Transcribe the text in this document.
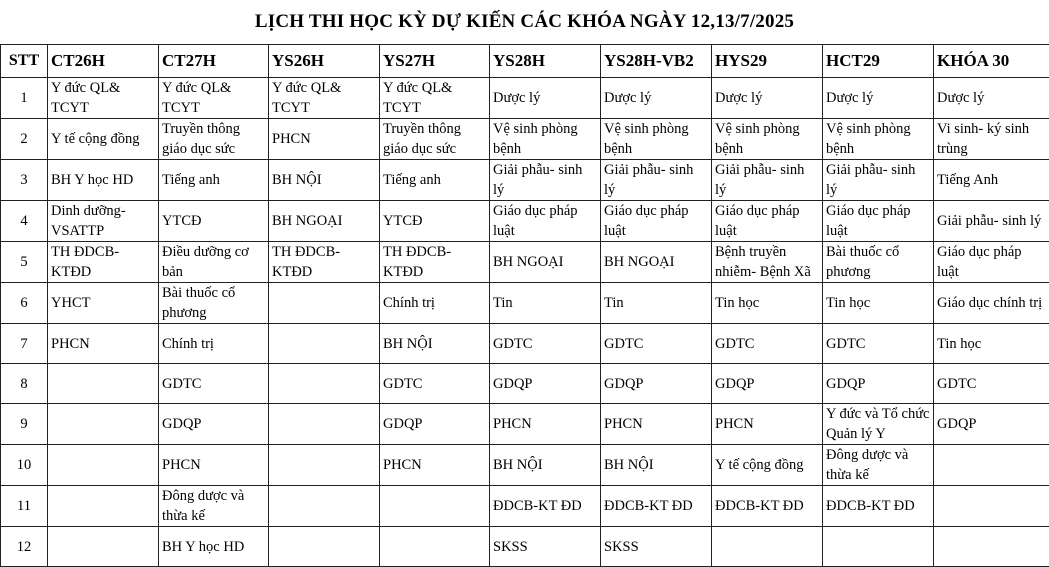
LỊCH THI HỌC KỲ DỰ KIẾN CÁC KHÓA NGÀY 12,13/7/2025
STT	CT26H	CT27H	YS26H	YS27H	YS28H	YS28H-VB2	HYS29	HCT29	KHÓA 30
1	Y đức QL& TCYT	Y đức QL& TCYT	Y đức QL& TCYT	Y đức QL& TCYT	Dược lý	Dược lý	Dược lý	Dược lý	Dược lý
2	Y tế cộng đồng	Truyền thông giáo dục sức	PHCN	Truyền thông giáo dục sức	Vệ sinh phòng bệnh	Vệ sinh phòng bệnh	Vệ sinh phòng bệnh	Vệ sinh phòng bệnh	Vi sinh- ký sinh trùng
3	BH Y học HD	Tiếng anh	BH NỘI	Tiếng anh	Giải phẫu- sinh lý	Giải phẫu- sinh lý	Giải phẫu- sinh lý	Giải phẫu- sinh lý	Tiếng Anh
4	Dinh dưỡng-VSATTP	YTCĐ	BH NGOẠI	YTCĐ	Giáo dục pháp luật	Giáo dục pháp luật	Giáo dục pháp luật	Giáo dục pháp luật	Giải phẫu- sinh lý
5	TH ĐDCB-KTĐD	Điều dưỡng cơ bản	TH ĐDCB-KTĐD	TH ĐDCB-KTĐD	BH NGOẠI	BH NGOẠI	Bệnh truyền nhiễm- Bệnh Xã	Bài thuốc cổ phương	Giáo dục pháp luật
6	YHCT	Bài thuốc cổ phương		Chính trị	Tin	Tin	Tin học	Tin học	Giáo dục chính trị
7	PHCN	Chính trị		BH NỘI	GDTC	GDTC	GDTC	GDTC	Tin học
8		GDTC		GDTC	GDQP	GDQP	GDQP	GDQP	GDTC
9		GDQP		GDQP	PHCN	PHCN	PHCN	Y đức và Tổ chức Quản lý Y	GDQP
10		PHCN		PHCN	BH NỘI	BH NỘI	Y tế cộng đồng	Đông dược và thừa kế	
11		Đông dược và thừa kế			ĐDCB-KT ĐD	ĐDCB-KT ĐD	ĐDCB-KT ĐD	ĐDCB-KT ĐD	
12		BH Y học HD			SKSS	SKSS			
